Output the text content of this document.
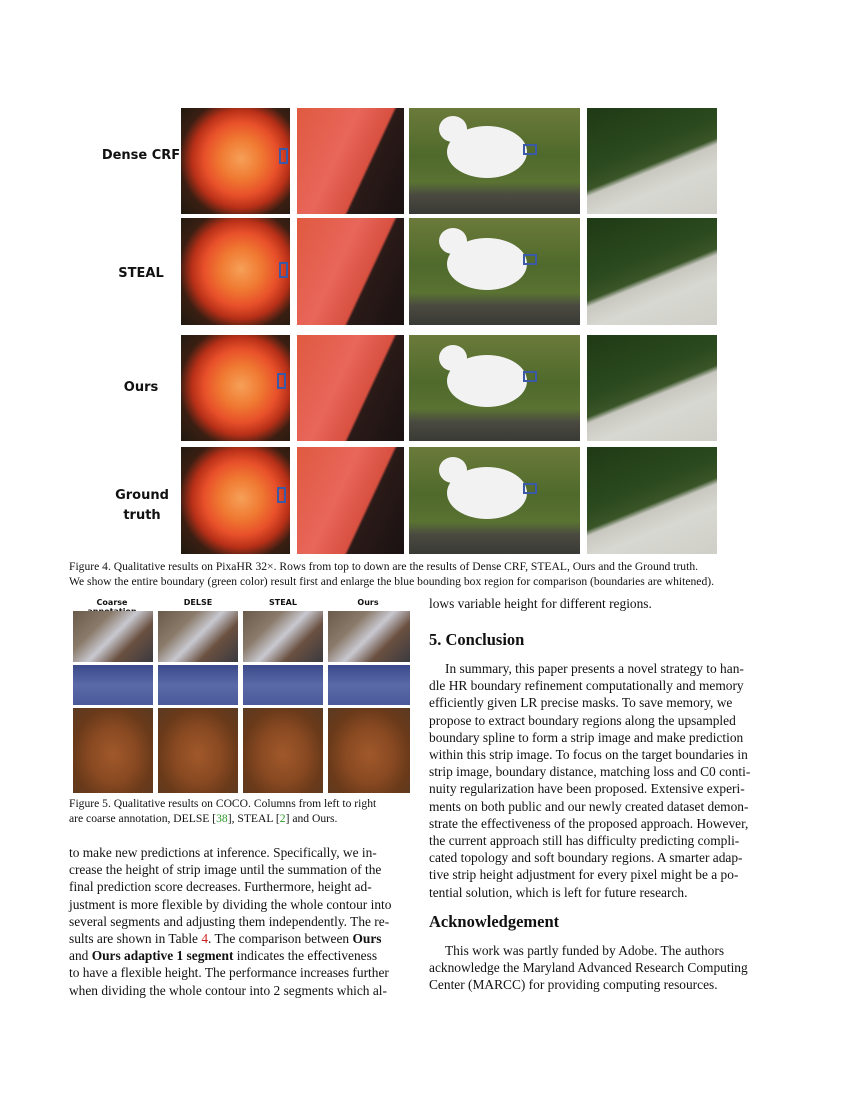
Dense CRF
STEAL
Ours
Ground truth
Figure 4. Qualitative results on PixaHR 32×. Rows from top to down are the results of Dense CRF, STEAL, Ours and the Ground truth.
We show the entire boundary (green color) result first and enlarge the blue bounding box region for comparison (boundaries are whitened).
Coarse	DELSE	STEAL	Ours
Figure 5. Qualitative results on COCO. Columns from left to right
are coarse annotation, DELSE [38], STEAL [2] and Ours.
to make new predictions at inference. Specifically, we in-
crease the height of strip image until the summation of the
final prediction score decreases. Furthermore, height ad-
justment is more flexible by dividing the whole contour into
several segments and adjusting them independently. The re-
sults are shown in Table 4. The comparison between Ours
and Ours adaptive 1 segment indicates the effectiveness
to have a flexible height. The performance increases further
when dividing the whole contour into 2 segments which al-
lows variable height for different regions.
5. Conclusion
In summary, this paper presents a novel strategy to han-
dle HR boundary refinement computationally and memory
efficiently given LR precise masks. To save memory, we
propose to extract boundary regions along the upsampled
boundary spline to form a strip image and make prediction
within this strip image. To focus on the target boundaries in
strip image, boundary distance, matching loss and C0 conti-
nuity regularization have been proposed. Extensive experi-
ments on both public and our newly created dataset demon-
strate the effectiveness of the proposed approach. However,
the current approach still has difficulty predicting compli-
cated topology and soft boundary regions. A smarter adap-
tive strip height adjustment for every pixel might be a po-
tential solution, which is left for future research.
Acknowledgement
This work was partly funded by Adobe. The authors
acknowledge the Maryland Advanced Research Computing
Center (MARCC) for providing computing resources.
